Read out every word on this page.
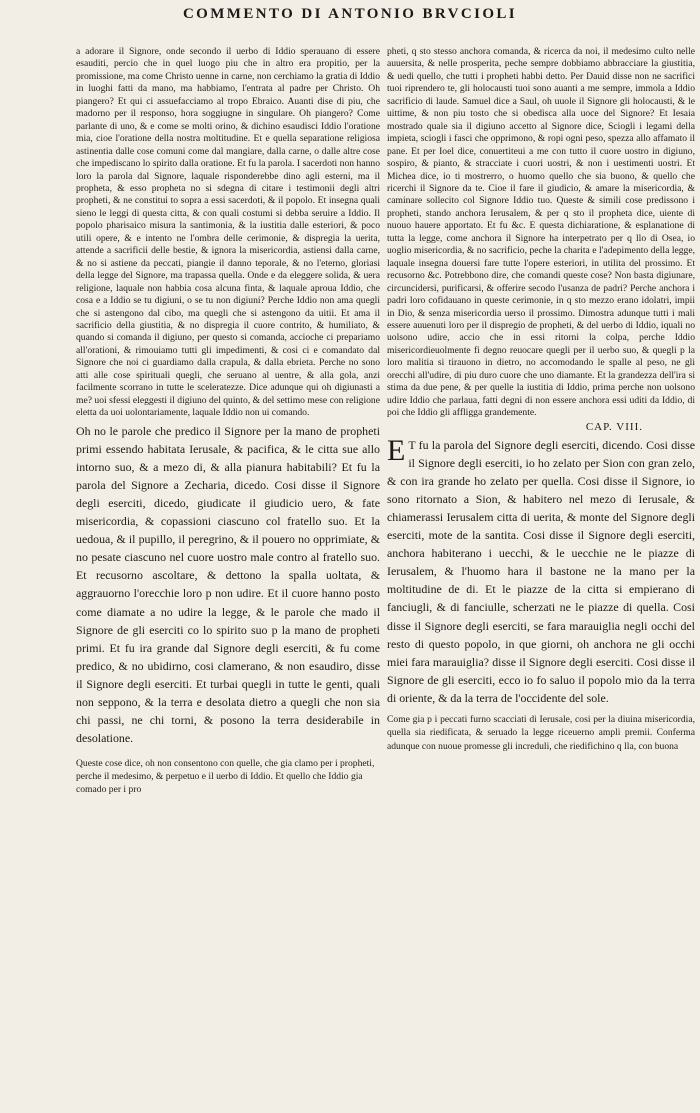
COMMENTO DI ANTONIO BRVCIOLI

a adorare il Signore, onde secondo il uerbo di Iddio sperauano di essere esauditi, percio che in quel luogo piu che in altro era propitio, per la promissione, ma come Christo uenne in carne, non cerchiamo la gratia di Iddio in luoghi fatti da mano, ma habbiamo, l'entrata al padre per Christo. Oh piangero? Et qui ci assuefacciamo al tropo Ebraico. Auanti dise di piu, che madorno per il responso, hora soggiugne in singulare. Oh piangero? Come parlante di uno, & e come se molti orino, & dichino esaudisci Iddio l'oratione mia, cioe l'oratione della nostra moltitudine. Et e quella separatione religiosa astinentia dalle cose comuni come dal mangiare, dalla carne, o dalle altre cose che impediscano lo spirito dalla oratione. Et fu la parola. I sacerdoti non hanno loro la parola dal Signore, laquale risponderebbe dino agli esterni, ma il propheta, & esso propheta no si sdegna di citare i testimonii degli altri propheti, & ne constitui to sopra a essi sacerdoti, & il popolo. Et insegna quali sieno le leggi di questa citta, & con quali costumi si debba seruire a Iddio. Il popolo pharisaico misura la santimonia, & la iustitia dalle esteriori, & poco utili opere, & e intento ne l'ombra delle cerimonie, & dispregia la uerita, attende a sacrificii delle bestie, & ignora la misericordia, astiensi dalla carne, & no si astiene da peccati, piangie il danno teporale, & no l'eterno, gloriasi della legge del Signore, ma trapassa quella. Onde e da eleggere solida, & uera religione, laquale non habbia cosa alcuna finta, & laquale aproua Iddio, che cosa e a Iddio se tu digiuni, o se tu non digiuni? Perche Iddio non ama quegli che si astengono dal cibo, ma quegli che si astengono da uitii. Et ama il sacrificio della giustitia, & no dispregia il cuore contrito, & humiliato, & quando si comanda il digiuno, per questo si comanda, accioche ci prepariamo all'orationi, & rimouiamo tutti gli impedimenti, & cosi ci e comandato dal Signore che noi ci guardiamo dalla crapula, & dalla ebrieta. Perche no sono atti alle cose spirituali quegli, che seruano al uentre, & alla gola, anzi facilmente scorrano in tutte le sceleratezze. Dice adunque qui oh digiunasti a me? uoi sfessi eleggesti il digiuno del quinto, & del settimo mese con religione eletta da uoi uolontariamente, laquale Iddio non ui comando.

Oh no le parole che predico il Signore per la mano de propheti primi essendo habitata Ierusale, & pacifica, & le citta sue allo intorno suo, & a mezo di, & alla pianura habitabili? Et fu la parola del Signore a Zecharia, dicedo. Cosi disse il Signore degli eserciti, dicedo, giudicate il giudicio uero, & fate misericordia, & copassioni ciascuno col fratello suo. Et la uedoua, & il pupillo, il peregrino, & il pouero no opprimiate, & no pesate ciascuno nel cuore uostro male contro al fratello suo. Et recusorno ascoltare, & dettono la spalla uoltata, & aggrauorno l'orecchie loro p non udire. Et il cuore hanno posto come diamate a no udire la legge, & le parole che mado il Signore de gli eserciti co lo spirito suo p la mano de propheti primi. Et fu ira grande dal Signore degli eserciti, & fu come predico, & no ubidirno, cosi clamerano, & non esaudiro, disse il Signore degli eserciti. Et turbai quegli in tutte le genti, quali non seppono, & la terra e desolata dietro a quegli che non sia chi passi, ne chi torni, & posono la terra desiderabile in desolatione.

Queste cose dice, oh non consentono con quelle, che gia clamo per i propheti, perche il medesimo, & perpetuo e il uerbo di Iddio. Et quello che Iddio gia comado per i pro

pheti, q sto stesso anchora comanda, & ricerca da noi, il medesimo culto nelle auuersita, & nelle prosperita, peche sempre dobbiamo abbracciare la giustitia, & uedi quello, che tutti i propheti habbi detto. Per Dauid disse non ne sacrifici tuoi riprendero te, gli holocausti tuoi sono auanti a me sempre, immola a Iddio sacrificio di laude. Samuel dice a Saul, oh uuole il Signore gli holocausti, & le uittime, & non piu tosto che si obedisca alla uoce del Signore? Et Iesaia mostrado quale sia il digiuno accetto al Signore dice, Sciogli i legami della impieta, sciogli i fasci che opprimono, & ropi ogni peso, spezza allo affamato il pane. Et per Ioel dice, conuertiteui a me con tutto il cuore uostro in digiuno, sospiro, & pianto, & stracciate i cuori uostri, & non i uestimenti uostri. Et Michea dice, io ti mostrerro, o huomo quello che sia buono, & quello che ricerchi il Signore da te. Cioe il fare il giudicio, & amare la misericordia, & caminare sollecito col Signore Iddio tuo. Queste & simili cose predissono i propheti, stando anchora Ierusalem, & per q sto il propheta dice, uiente di nuouo hauere apportato. Et fu &c. E questa dichiaratione, & esplanatione di tutta la legge, come anchora il Signore ha interpetrato per q llo di Osea, io uoglio misericordia, & no sacrificio, peche la charita e l'adepimento della legge, laquale insegna douersi fare tutte l'opere esteriori, in utilita del prossimo. Et recusorno &c. Potrebbono dire, che comandi queste cose? Non basta digiunare, circuncidersi, purificarsi, & offerire secodo l'usanza de padri? Perche anchora i padri loro cofidauano in queste cerimonie, in q sto mezzo erano idolatri, impii in Dio, & senza misericordia uerso il prossimo. Dimostra adunque tutti i mali essere auuenuti loro per il dispregio de propheti, & del uerbo di Iddio, iquali no uolsono udire, accio che in essi ritorni la colpa, perche Iddio misericordieuolmente fi degno reuocare quegli per il uerbo suo, & quegli p la loro malitia si tirauono in dietro, no accomodando le spalle al peso, ne gli orecchi all'udire, di piu duro cuore che uno diamante. Et la grandezza dell'ira si stima da due pene, & per quelle la iustitia di Iddio, prima perche non uolsono udire Iddio che parlaua, fatti degni di non essere anchora essi uditi da Iddio, di poi che Iddio gli affligga grandemente.

CAP. VIII.

E T fu la parola del Signore degli eserciti, dicendo. Cosi disse il Signore degli eserciti, io ho zelato per Sion con gran zelo, & con ira grande ho zelato per quella. Cosi disse il Signore, io sono ritornato a Sion, & habitero nel mezo di Ierusale, & chiamerassi Ierusalem citta di uerita, & monte del Signore degli eserciti, mote de la santita. Cosi disse il Signore degli eserciti, anchora habiterano i uecchi, & le uecchie ne le piazze di Ierusalem, & l'huomo hara il bastone ne la mano per la moltitudine de di. Et le piazze de la citta si empierano di fanciugli, & di fanciulle, scherzati ne le piazze di quella. Cosi disse il Signore degli eserciti, se fara marauiglia negli occhi del resto di questo popolo, in que giorni, oh anchora ne gli occhi miei fara marauiglia? disse il Signore degli eserciti. Cosi disse il Signore de gli eserciti, ecco io fo saluo il popolo mio da la terra di oriente, & da la terra de l'occidente del sole.

Come gia p i peccati furno scacciati di Ierusale, cosi per la diuina misericordia, quella sia riedificata, & seruado la legge riceuerno ampli premii. Conferma adunque con nuoue promesse gli increduli, che riedifichino q lla, con buona
